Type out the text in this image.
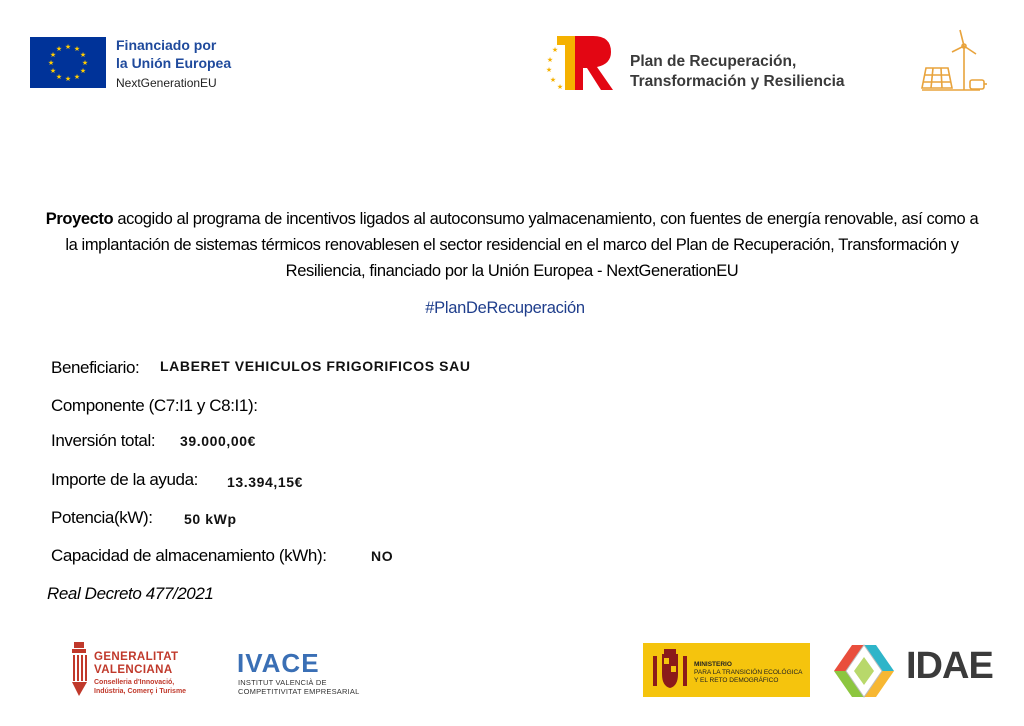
★ ★
★
★
★
★
★
★
★
★
★
★	Financiado por
la Unión Europea
NextGenerationEU
★
★
★
★
★
Plan de Recuperación,
Transformación y Resiliencia
Proyecto acogido al programa de incentivos ligados al autoconsumo yalmacenamiento, con fuentes de energía renovable, así como a la implantación de sistemas térmicos renovablesen el sector residencial en el marco del Plan de Recuperación, Transformación y Resiliencia, financiado por la Unión Europea - NextGenerationEU
#PlanDeRecuperación
Beneficiario: LABERET VEHICULOS FRIGORIFICOS SAU
Componente (C7:I1 y C8:I1):
Inversión total: 39.000,00€
Importe de la ayuda: 13.394,15€
Potencia(kW): 50 kWp
Capacidad de almacenamiento (kWh):	NO
Real Decreto 477/2021
GENERALITAT
VALENCIANA
Conselleria d'Innovació,
Indústria, Comerç i Turisme
IVACE
INSTITUT VALENCIÀ DE
COMPETITIVITAT EMPRESARIAL
MINISTERIO
PARA LA TRANSICIÓN ECOLÓGICA
Y EL RETO DEMOGRÁFICO	IDAE
